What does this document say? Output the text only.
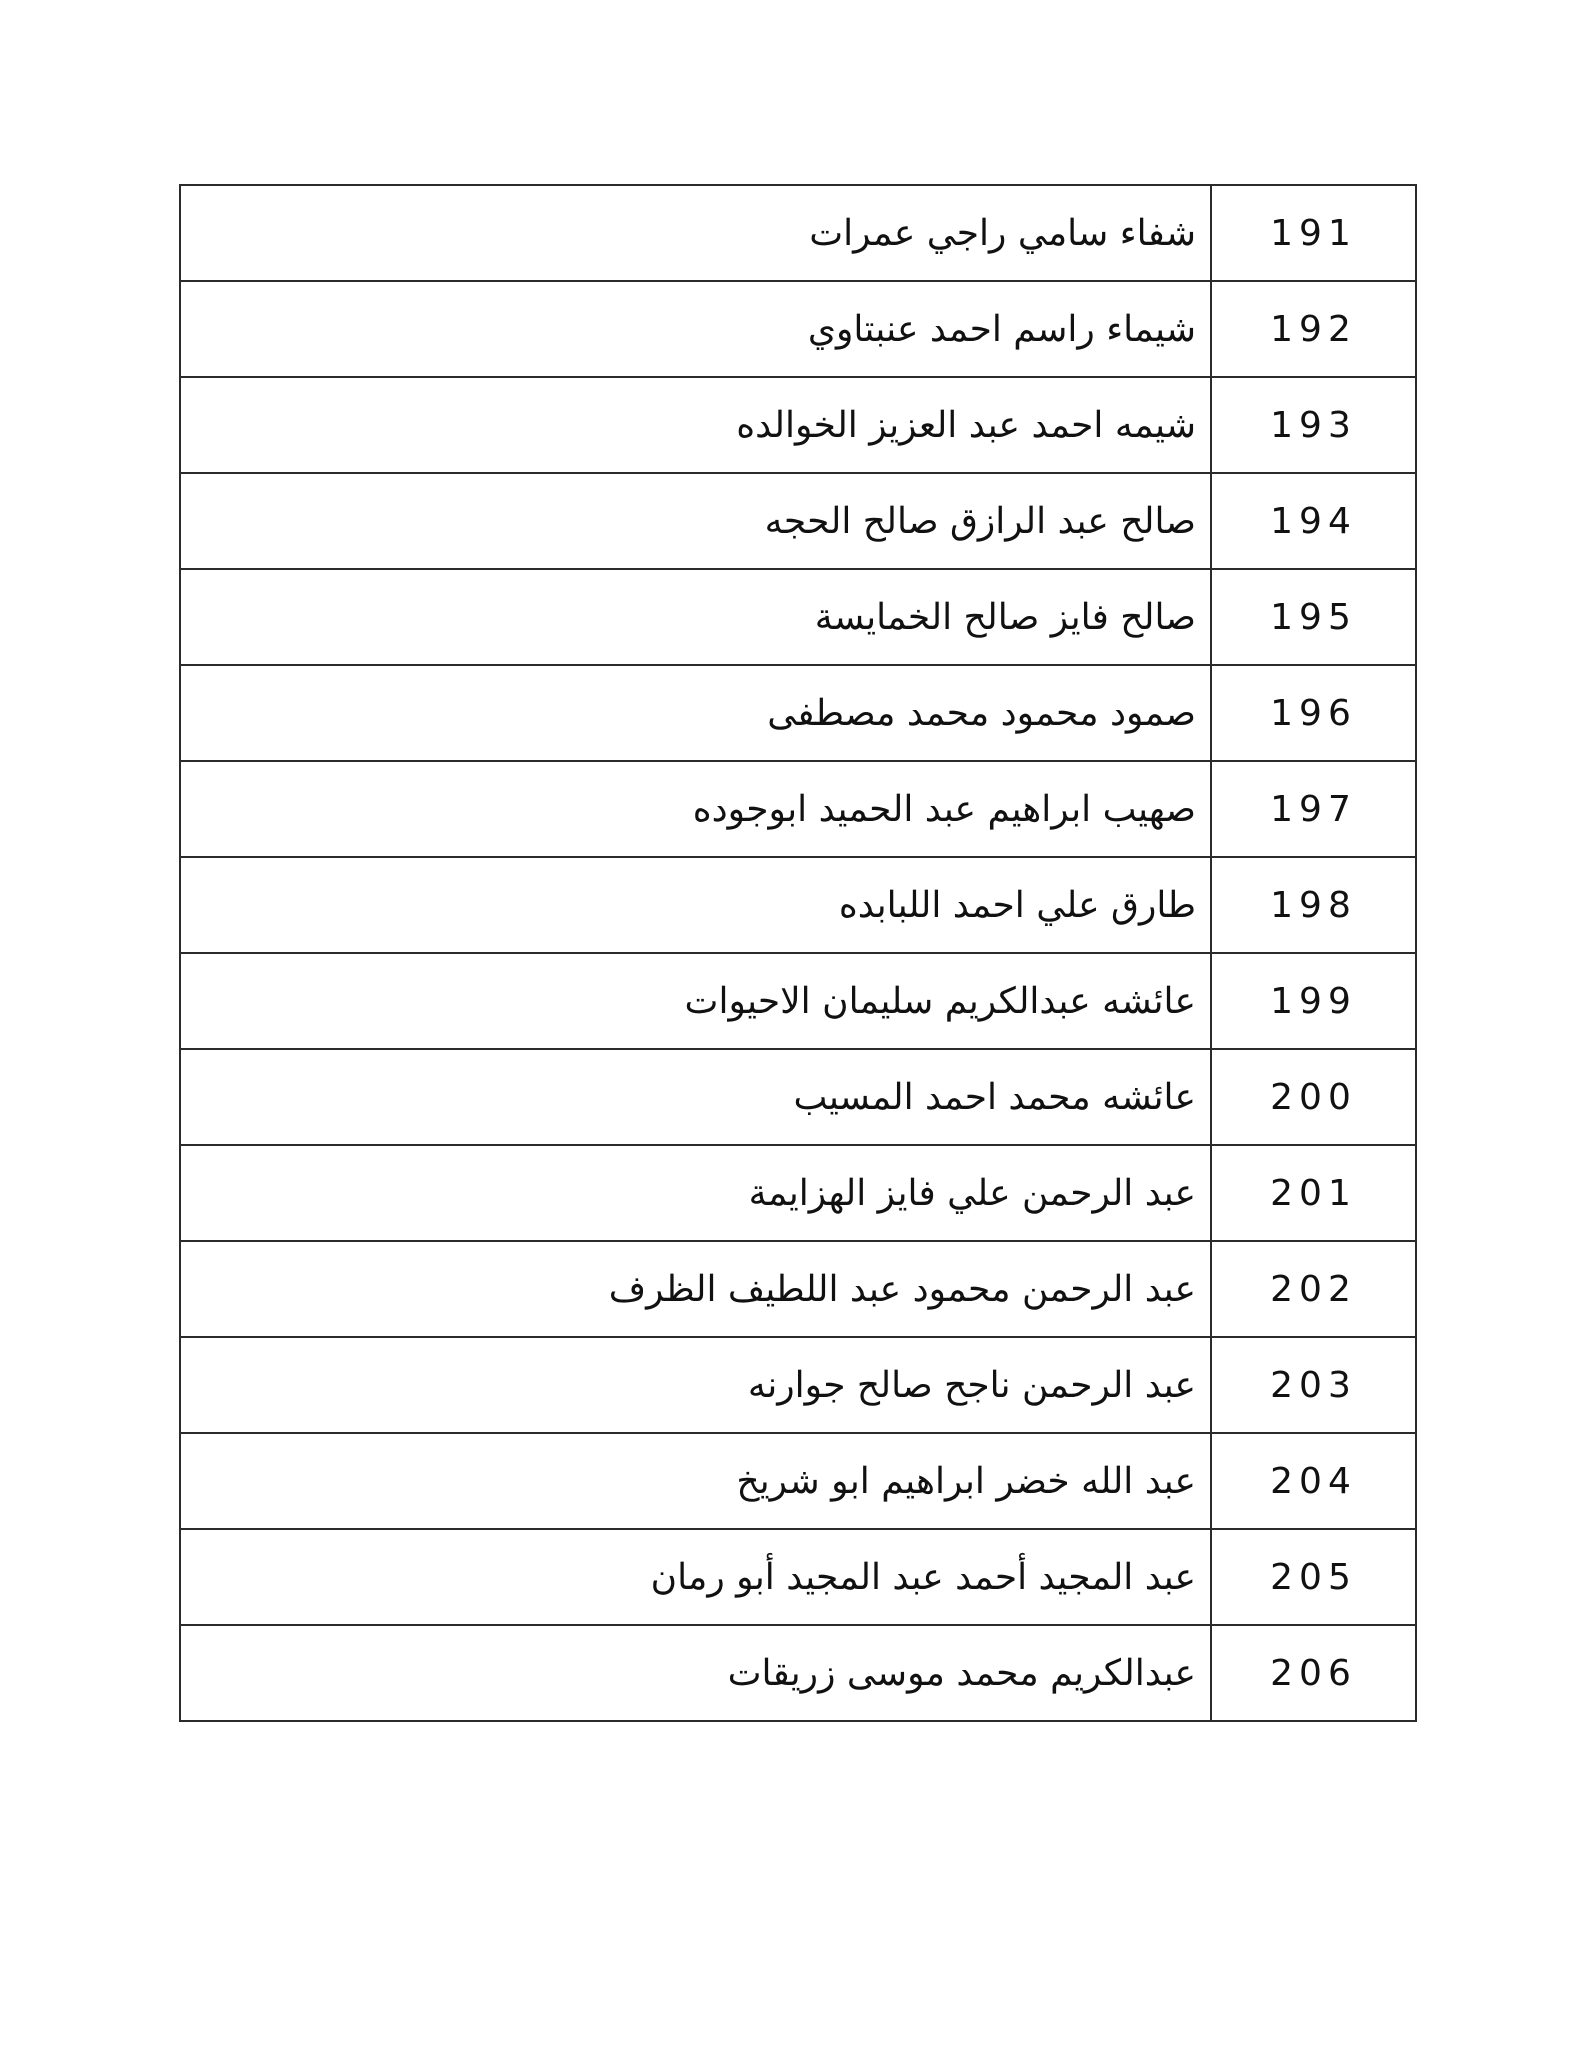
191	شفاء سامي راجي عمرات
192	شيماء راسم احمد عنبتاوي
193	شيمه احمد عبد العزيز الخوالده
194	صالح عبد الرازق صالح الحجه
195	صالح فايز صالح الخمايسة
196	صمود محمود محمد مصطفى
197	صهيب ابراهيم عبد الحميد ابوجوده
198	طارق علي احمد اللبابده
199	عائشه عبدالكريم سليمان الاحيوات
200	عائشه محمد احمد المسيب
201	عبد الرحمن علي فايز الهزايمة
202	عبد الرحمن محمود عبد اللطيف الظرف
203	عبد الرحمن ناجح صالح جوارنه
204	عبد الله خضر ابراهيم ابو شريخ
205	عبد المجيد أحمد عبد المجيد أبو رمان
206	عبدالكريم محمد موسى زريقات
